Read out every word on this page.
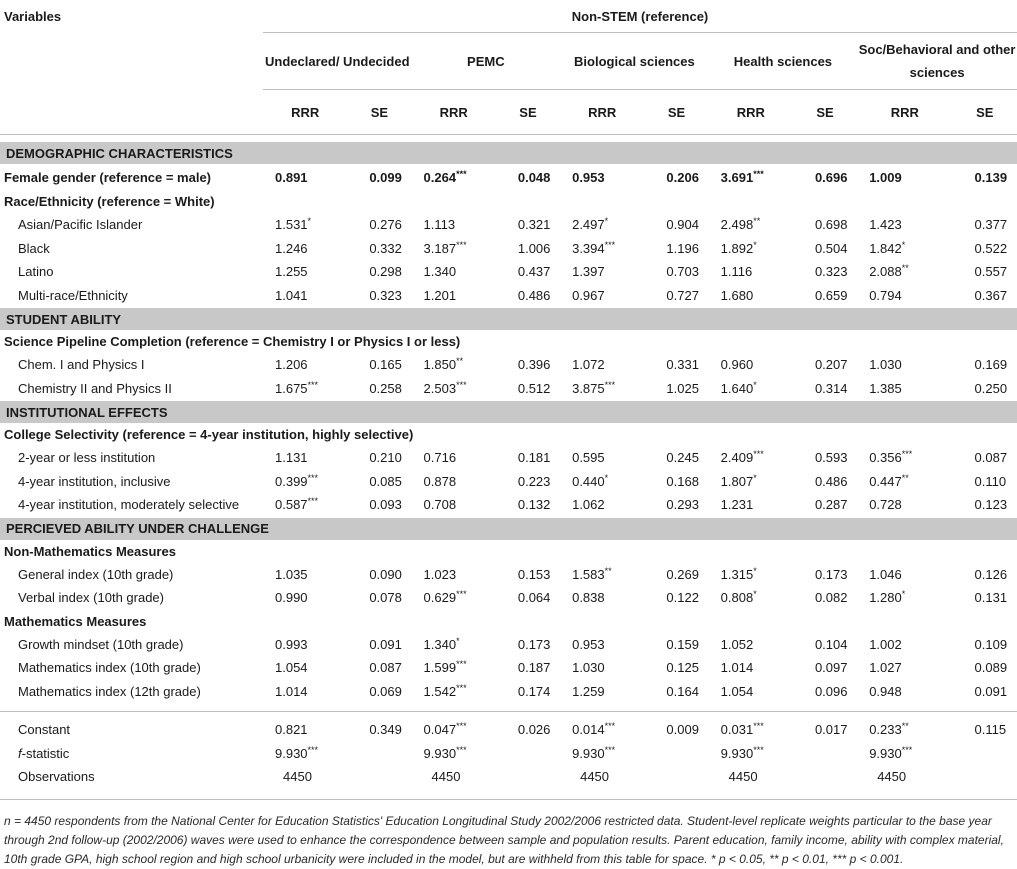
Variables	Non-STEM (reference)									
	Undeclared/ Undecided		PEMC		Biological sciences		Health sciences		Soc/Behavioral and other sciences	
	RRR	SE	RRR	SE	RRR	SE	RRR	SE	RRR	SE

DEMOGRAPHIC CHARACTERISTICS										
Female gender (reference = male)	0.891	0.099	0.264***	0.048	0.953	0.206	3.691***	0.696	1.009	0.139
Race/Ethnicity (reference = White)										
Asian/Pacific Islander	1.531*	0.276	1.113	0.321	2.497*	0.904	2.498**	0.698	1.423	0.377
Black	1.246	0.332	3.187***	1.006	3.394***	1.196	1.892*	0.504	1.842*	0.522
Latino	1.255	0.298	1.340	0.437	1.397	0.703	1.116	0.323	2.088**	0.557
Multi-race/Ethnicity	1.041	0.323	1.201	0.486	0.967	0.727	1.680	0.659	0.794	0.367
STUDENT ABILITY										
Science Pipeline Completion (reference = Chemistry I or Physics I or less)										
Chem. I and Physics I	1.206	0.165	1.850**	0.396	1.072	0.331	0.960	0.207	1.030	0.169
Chemistry II and Physics II	1.675***	0.258	2.503***	0.512	3.875***	1.025	1.640*	0.314	1.385	0.250
INSTITUTIONAL EFFECTS										
College Selectivity (reference = 4-year institution, highly selective)										
2-year or less institution	1.131	0.210	0.716	0.181	0.595	0.245	2.409***	0.593	0.356***	0.087
4-year institution, inclusive	0.399***	0.085	0.878	0.223	0.440*	0.168	1.807*	0.486	0.447**	0.110
4-year institution, moderately selective	0.587***	0.093	0.708	0.132	1.062	0.293	1.231	0.287	0.728	0.123
PERCIEVED ABILITY UNDER CHALLENGE										
Non-Mathematics Measures										
General index (10th grade)	1.035	0.090	1.023	0.153	1.583**	0.269	1.315*	0.173	1.046	0.126
Verbal index (10th grade)	0.990	0.078	0.629***	0.064	0.838	0.122	0.808*	0.082	1.280*	0.131
Mathematics Measures										
Growth mindset (10th grade)	0.993	0.091	1.340*	0.173	0.953	0.159	1.052	0.104	1.002	0.109
Mathematics index (10th grade)	1.054	0.087	1.599***	0.187	1.030	0.125	1.014	0.097	1.027	0.089
Mathematics index (12th grade)	1.014	0.069	1.542***	0.174	1.259	0.164	1.054	0.096	0.948	0.091

Constant	0.821	0.349	0.047***	0.026	0.014***	0.009	0.031***	0.017	0.233**	0.115
f-statistic	9.930***		9.930***		9.930***		9.930***		9.930***	
Observations	4450		4450		4450		4450		4450	

n = 4450 respondents from the National Center for Education Statistics' Education Longitudinal Study 2002/2006 restricted data. Student-level replicate weights particular to the base year through 2nd follow-up (2002/2006) waves were used to enhance the correspondence between sample and population results. Parent education, family income, ability with complex material, 10th grade GPA, high school region and high school urbanicity were included in the model, but are withheld from this table for space. * p < 0.05, ** p < 0.01, *** p < 0.001.
